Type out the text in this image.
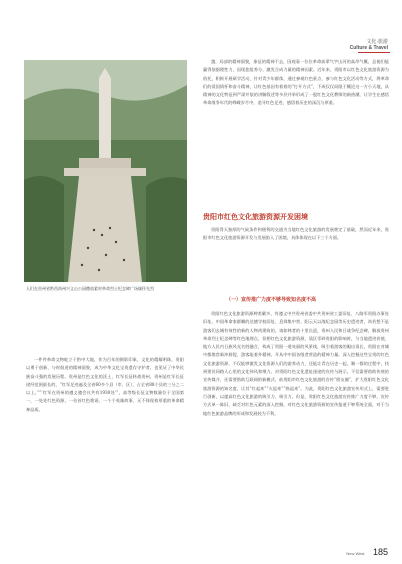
文化·旅游
Culture & Travel
人们在贵州省黔西南州兴义山公园撒放素材革命烈士纪念碑广场缅怀先烈

越，局部的精神面貌，象征的精神不去，因观看一位位革命前辈气宇山河的高昂气概，总使们能赢得依据理性力，因现您组养分、激发合成力量的精神因素。近年来，贵阳市以红色文化旅游资源为依托，积极开展研学活动，针对青少年群体，通过参观红色景点，参与红色文化活动等方式，将革命们的爱国情怀和奋斗精神，让红色基因有着着的“打开方式”，不成仅仅局限于概论这一方小天地，从精神的文化特征到严肃并依的讲解叙述等多层并举形成了一股红色文化教师的新热潮，让学生在感悟革命战争年代的峥嵘岁月中，追寻红色足迹，感悟着历史的深沉与厚重。

贵阳市红色文化旅游资源开发困境

贵阳得天独厚的气候条件和便利的交通为当地红色文化旅游的发展奠定了基础，然而近年来，贵阳市红色文化旅游资源开发与发展陷入了困境，具体体现在以下三个方面。

（一）宣传推广力度不够导致知名度不高

贵阳红色文化旅游资源种类繁多，有遵义中共贵州省委中共贵州省工委旧址、八路军贵阳办事处旧址、中国革命家群雕的达德学校旧址、息烽集中营、阳云天以战纪念园等历史遗迹者，尚若想不是游客们去城有效性的新的人物尚建筑的。请如林者的十里长迎，贵州人民和日战争纪念碑，解放贵州革命烈士纪念碑等红色地理点，但相红色文化旅游资源，质区零碎贵阳的影响时，与当地遗迹价值，地方人民内日族风光名胜融合，构成了贵阳一道亮丽的风景线，吸引着游客的眼出再长，贵阳在对城中都推荐新冲源促，游客能着外精神，开从中中国各级者营造的精神力量。深入挖掘这些宝贵的红色文化旅游资源，不仅能够激发文化资源人们的游养动力，还能让青在历史一起，顺一都的过程中，找到建设同路人心里的文化伟风和聚力。对贵阳红色文化遗址迷途的宣传与展示，不仅需要借助传统的宣传媒介，还需要借助互联网的新模式。前贵阳市红色文化旅游的宣传“朋友圈”，扩大贵阳红色文化旅游资源的知名度，让其“红起来”“火起来”“热起来”。为此，贵阳红色文化旅游宣传形式上，需要进行创新，以提高红色文化旅游的吸引力、吸引力。但是，贵阳红色文化旅游宣传推广力度不够，宣传方式单一陈旧，缺乏对红色元素的深入挖掘，对红色文化旅游资源的宣传报道不够系统全面，对于当地红色旅游品牌的形成和发展较为不利。

一件件革命文物蛇立于黔中大地，作为百年的倒影印象，文化的精耀明珠，贵阳以勇于创新、与时俱进的精神面貌，成为中华文化宝贵遗存守护者，也见证了中华民族奋斗强的发展历程。贵州是红色文化的沃土，红军长征转战贵州，贵州是红军长征途经范围最长的，“红军足迹遍及全省60多个县（市、区），占全省88个县的三分之二以上。”“‘红军在贵州的遵义遵会议共有1930处’”，高等级长征文物数量位于全国第一，一处处红色资源，一首首红色歌谣，一个个英雄故事，无不体现着厚重的革命精神品质。

New West 185
